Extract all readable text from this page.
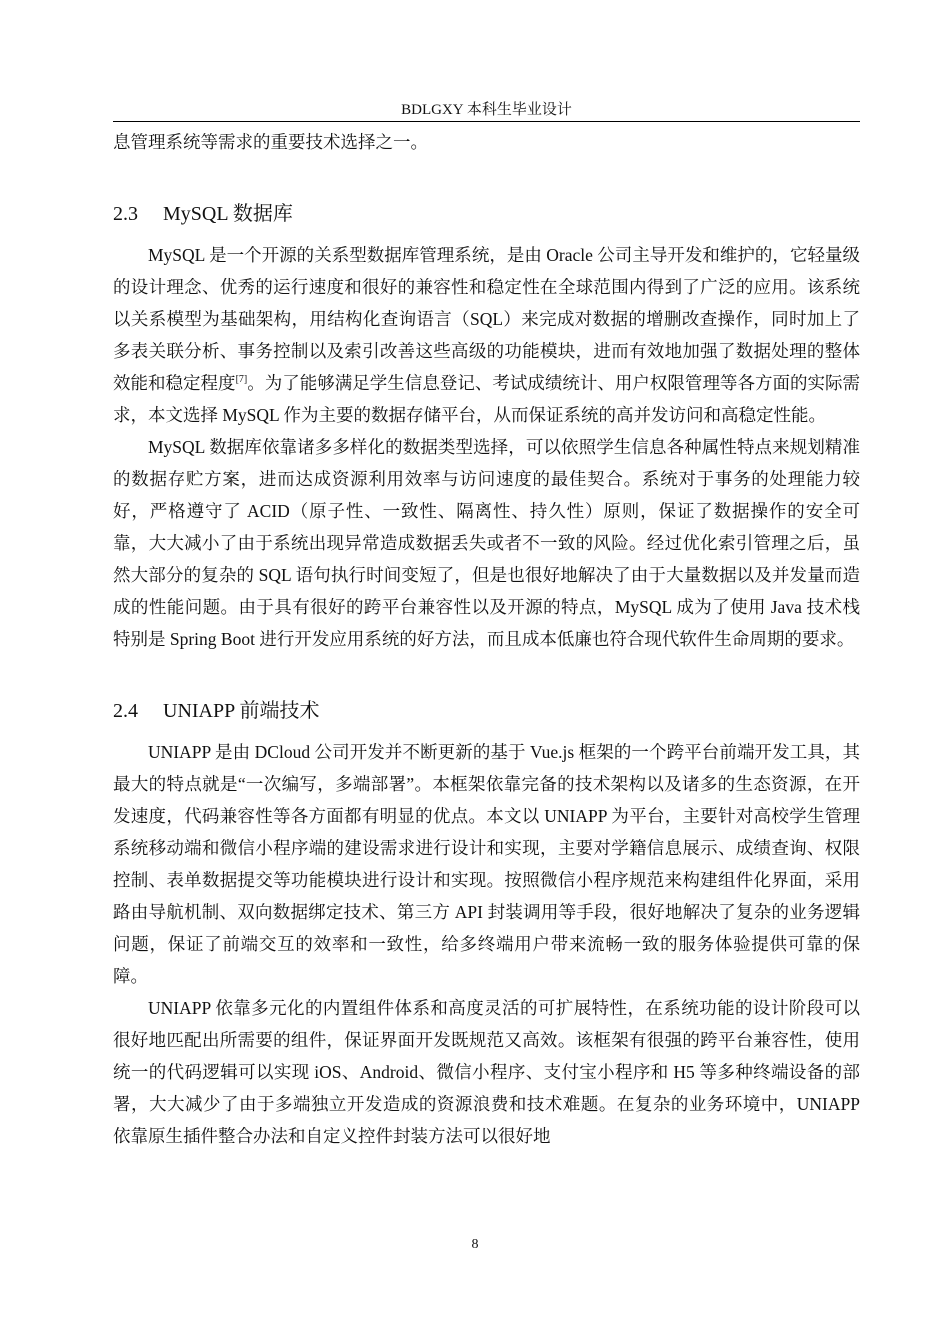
BDLGXY 本科生毕业设计

息管理系统等需求的重要技术选择之一。

2.3 MySQL 数据库

MySQL 是一个开源的关系型数据库管理系统，是由 Oracle 公司主导开发和维护的，它轻量级的设计理念、优秀的运行速度和很好的兼容性和稳定性在全球范围内得到了广泛的应用。该系统以关系模型为基础架构，用结构化查询语言（SQL）来完成对数据的增删改查操作，同时加上了多表关联分析、事务控制以及索引改善这些高级的功能模块，进而有效地加强了数据处理的整体效能和稳定程度[7]。为了能够满足学生信息登记、考试成绩统计、用户权限管理等各方面的实际需求，本文选择 MySQL 作为主要的数据存储平台，从而保证系统的高并发访问和高稳定性能。

MySQL 数据库依靠诸多多样化的数据类型选择，可以依照学生信息各种属性特点来规划精准的数据存贮方案，进而达成资源利用效率与访问速度的最佳契合。系统对于事务的处理能力较好，严格遵守了 ACID（原子性、一致性、隔离性、持久性）原则，保证了数据操作的安全可靠，大大减小了由于系统出现异常造成数据丢失或者不一致的风险。经过优化索引管理之后，虽然大部分的复杂的 SQL 语句执行时间变短了，但是也很好地解决了由于大量数据以及并发量而造成的性能问题。由于具有很好的跨平台兼容性以及开源的特点，MySQL 成为了使用 Java 技术栈特别是 Spring Boot 进行开发应用系统的好方法，而且成本低廉也符合现代软件生命周期的要求。

2.4 UNIAPP 前端技术

UNIAPP 是由 DCloud 公司开发并不断更新的基于 Vue.js 框架的一个跨平台前端开发工具，其最大的特点就是“一次编写，多端部署”。本框架依靠完备的技术架构以及诸多的生态资源，在开发速度，代码兼容性等各方面都有明显的优点。本文以 UNIAPP 为平台，主要针对高校学生管理系统移动端和微信小程序端的建设需求进行设计和实现，主要对学籍信息展示、成绩查询、权限控制、表单数据提交等功能模块进行设计和实现。按照微信小程序规范来构建组件化界面，采用路由导航机制、双向数据绑定技术、第三方 API 封装调用等手段，很好地解决了复杂的业务逻辑问题，保证了前端交互的效率和一致性，给多终端用户带来流畅一致的服务体验提供可靠的保障。

UNIAPP 依靠多元化的内置组件体系和高度灵活的可扩展特性，在系统功能的设计阶段可以很好地匹配出所需要的组件，保证界面开发既规范又高效。该框架有很强的跨平台兼容性，使用统一的代码逻辑可以实现 iOS、Android、微信小程序、支付宝小程序和 H5 等多种终端设备的部署，大大减少了由于多端独立开发造成的资源浪费和技术难题。在复杂的业务环境中，UNIAPP 依靠原生插件整合办法和自定义控件封装方法可以很好地

8
